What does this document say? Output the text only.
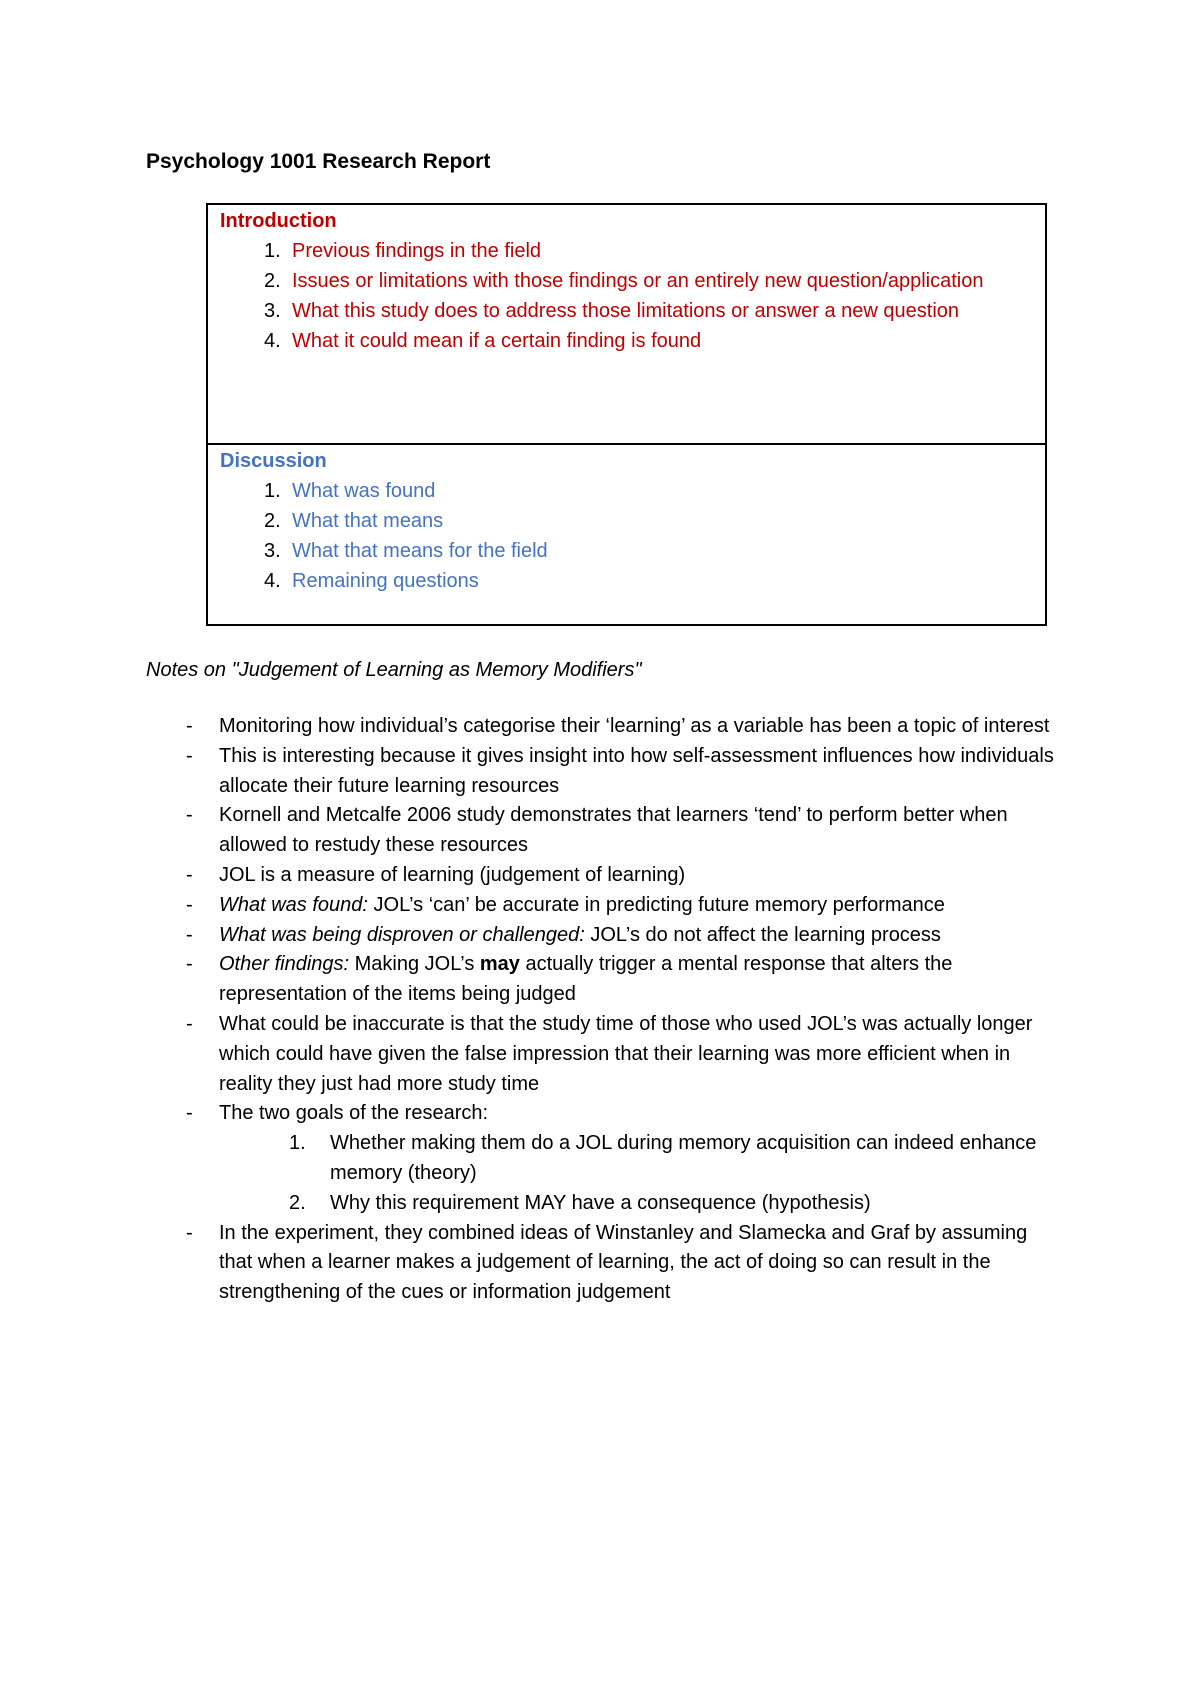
Psychology 1001 Research Report
Introduction
1. Previous findings in the field
2. Issues or limitations with those findings or an entirely new question/application
3. What this study does to address those limitations or answer a new question
4. What it could mean if a certain finding is found
Discussion
1. What was found
2. What that means
3. What that means for the field
4. Remaining questions
Notes on "Judgement of Learning as Memory Modifiers"
- Monitoring how individual’s categorise their ‘learning’ as a variable has been a topic of interest
- This is interesting because it gives insight into how self-assessment influences how individuals allocate their future learning resources
- Kornell and Metcalfe 2006 study demonstrates that learners ‘tend’ to perform better when allowed to restudy these resources
- JOL is a measure of learning (judgement of learning)
- What was found: JOL’s ‘can’ be accurate in predicting future memory performance
- What was being disproven or challenged: JOL’s do not affect the learning process
- Other findings: Making JOL’s may actually trigger a mental response that alters the representation of the items being judged
- What could be inaccurate is that the study time of those who used JOL’s was actually longer which could have given the false impression that their learning was more efficient when in reality they just had more study time
- The two goals of the research:
1. Whether making them do a JOL during memory acquisition can indeed enhance memory (theory)
2. Why this requirement MAY have a consequence (hypothesis)
- In the experiment, they combined ideas of Winstanley and Slamecka and Graf by assuming that when a learner makes a judgement of learning, the act of doing so can result in the strengthening of the cues or information judgement
